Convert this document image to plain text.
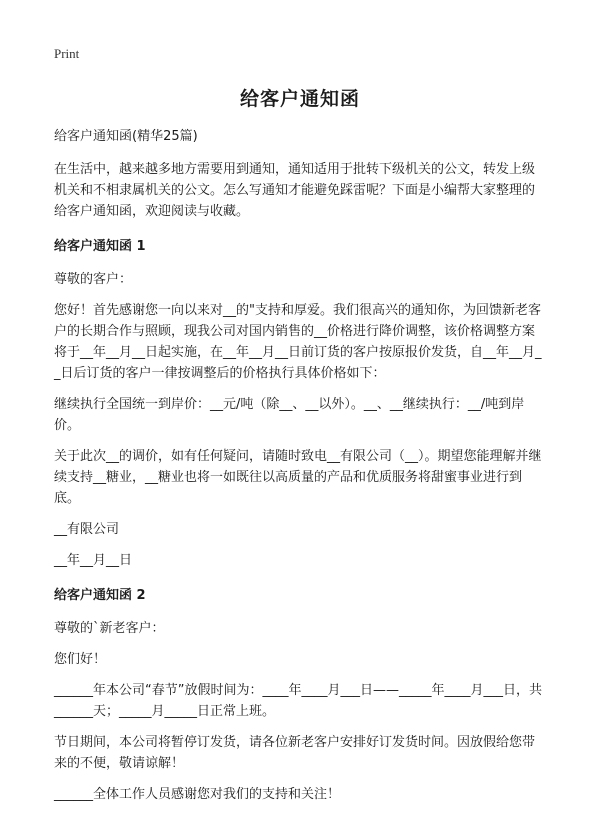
Print
给客户通知函
给客户通知函(精华25篇)
在生活中，越来越多地方需要用到通知，通知适用于批转下级机关的公文，转发上级机关和不相隶属机关的公文。怎么写通知才能避免踩雷呢？下面是小编帮大家整理的给客户通知函，欢迎阅读与收藏。
给客户通知函 1
尊敬的客户：
您好！首先感谢您一向以来对__的"支持和厚爱。我们很高兴的通知你，为回馈新老客户的长期合作与照顾，现我公司对国内销售的__价格进行降价调整，该价格调整方案将于__年__月__日起实施，在__年__月__日前订货的客户按原报价发货，自__年__月__日后订货的客户一律按调整后的价格执行具体价格如下：
继续执行全国统一到岸价：__元/吨（除__、__以外）。__、__继续执行：__/吨到岸价。
关于此次__的调价，如有任何疑问，请随时致电__有限公司（__）。期望您能理解并继续支持__糖业，__糖业也将一如既往以高质量的产品和优质服务将甜蜜事业进行到底。
__有限公司
__年__月__日
给客户通知函 2
尊敬的`新老客户：
您们好！
______年本公司“春节”放假时间为：____年____月___日——_____年____月___日，共______天；_____月_____日正常上班。
节日期间，本公司将暂停订发货，请各位新老客户安排好订发货时间。因放假给您带来的不便，敬请谅解！
______全体工作人员感谢您对我们的支持和关注！
